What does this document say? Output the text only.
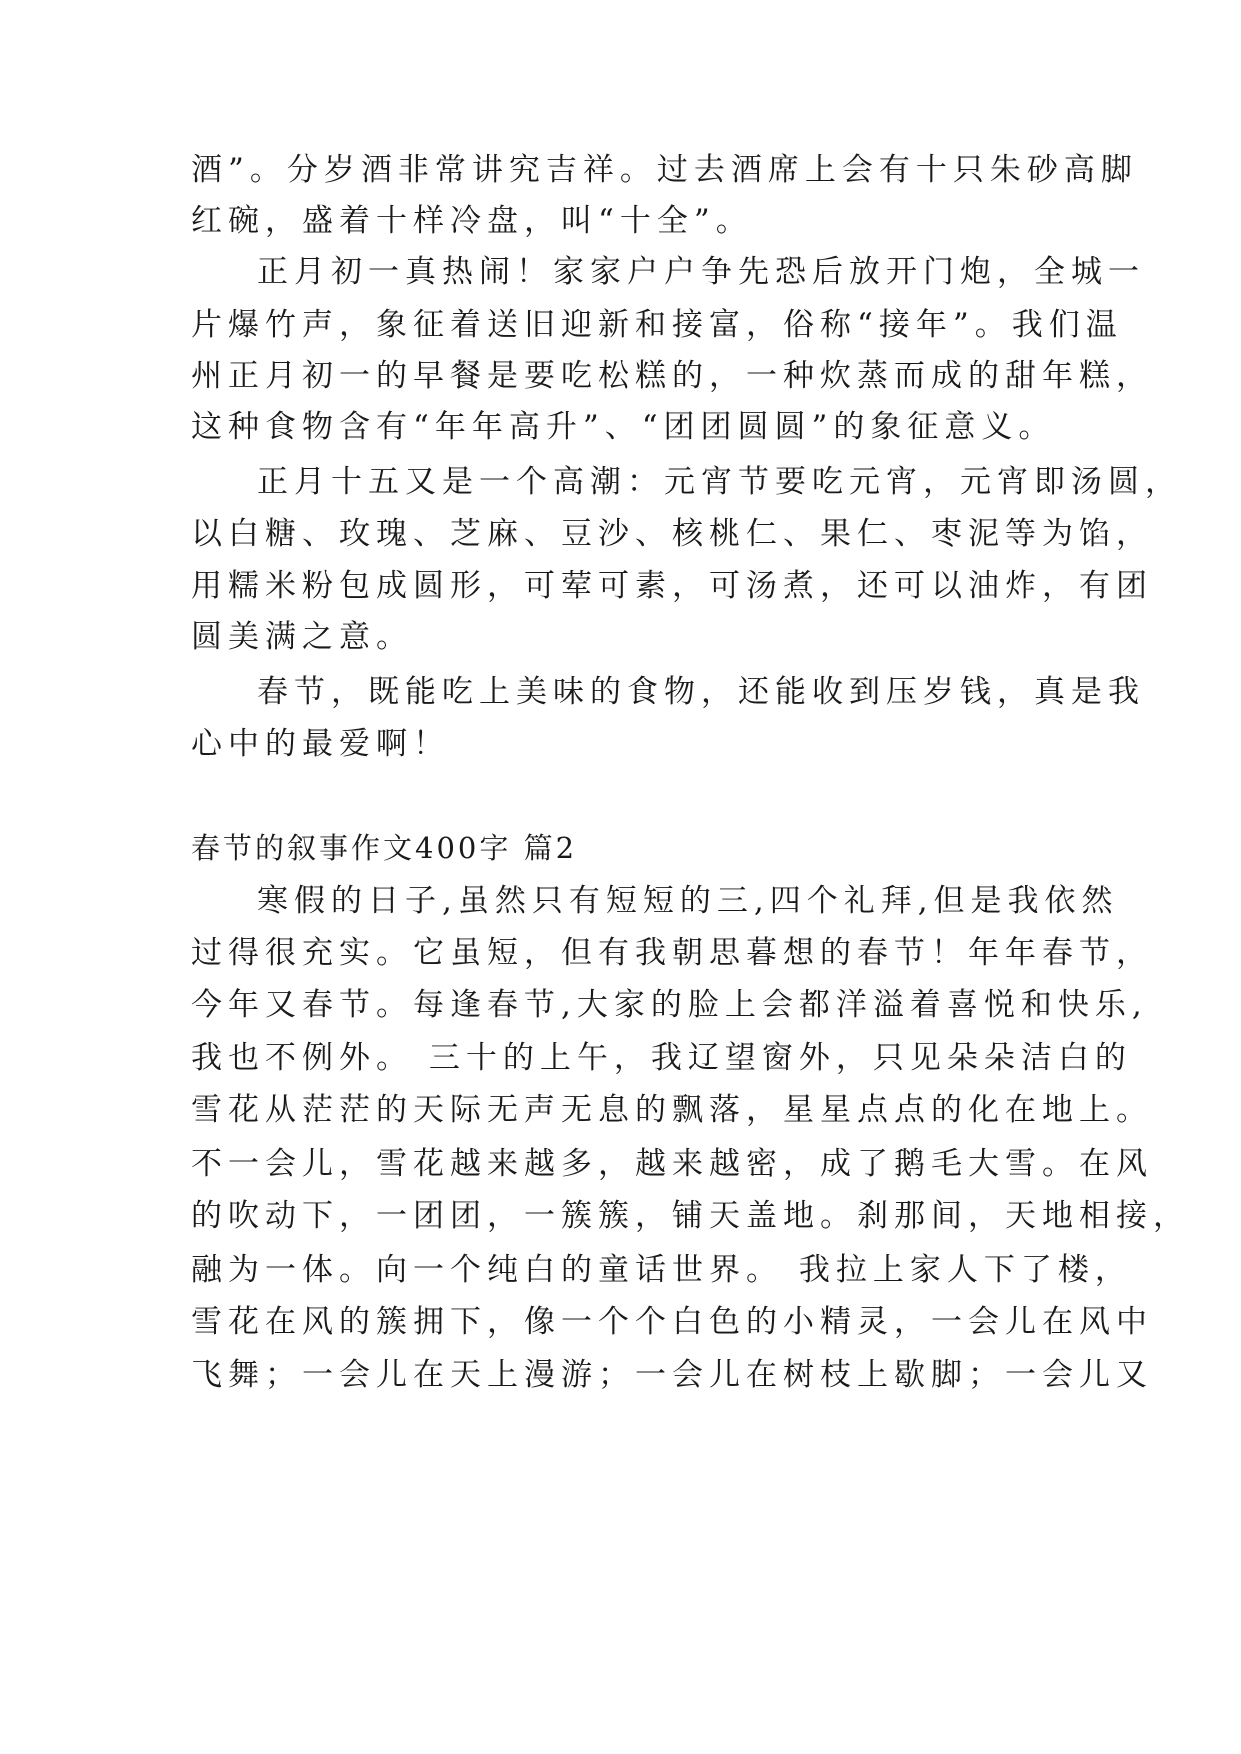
酒”。分岁酒非常讲究吉祥。过去酒席上会有十只朱砂高脚
红碗，盛着十样冷盘，叫“十全”。
正月初一真热闹！家家户户争先恐后放开门炮，全城一
片爆竹声，象征着送旧迎新和接富，俗称“接年”。我们温
州正月初一的早餐是要吃松糕的，一种炊蒸而成的甜年糕，
这种食物含有“年年高升”、“团团圆圆”的象征意义。
正月十五又是一个高潮：元宵节要吃元宵，元宵即汤圆，
以白糖、玫瑰、芝麻、豆沙、核桃仁、果仁、枣泥等为馅，
用糯米粉包成圆形，可荤可素，可汤煮，还可以油炸，有团
圆美满之意。
春节，既能吃上美味的食物，还能收到压岁钱，真是我
心中的最爱啊！
春节的叙事作文400字 篇2
寒假的日子,虽然只有短短的三,四个礼拜,但是我依然
过得很充实。它虽短，但有我朝思暮想的春节！年年春节，
今年又春节。每逢春节,大家的脸上会都洋溢着喜悦和快乐,
我也不例外。 三十的上午，我辽望窗外，只见朵朵洁白的
雪花从茫茫的天际无声无息的飘落，星星点点的化在地上。
不一会儿，雪花越来越多，越来越密，成了鹅毛大雪。在风
的吹动下，一团团，一簇簇，铺天盖地。刹那间，天地相接，
融为一体。向一个纯白的童话世界。 我拉上家人下了楼，
雪花在风的簇拥下，像一个个白色的小精灵，一会儿在风中
飞舞；一会儿在天上漫游；一会儿在树枝上歇脚；一会儿又
